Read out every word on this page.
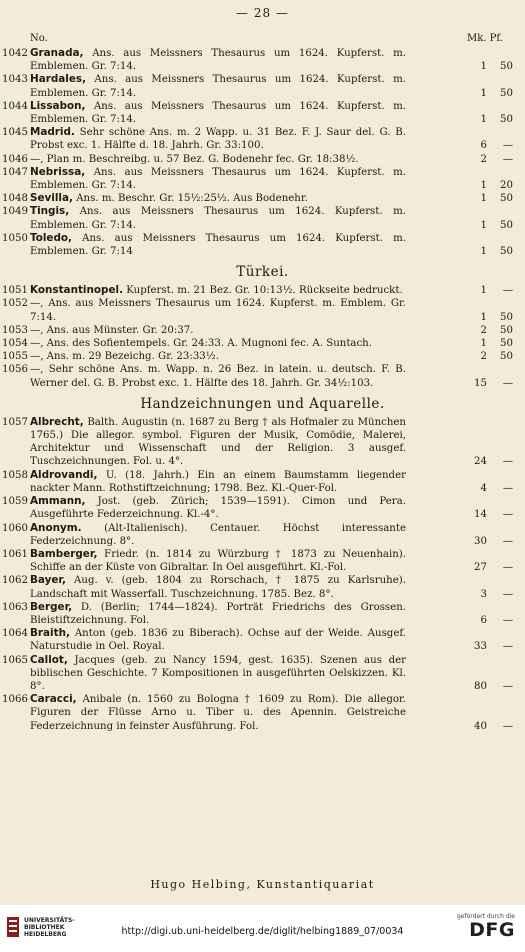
— 28 —
No.	Mk. Pf.
1042 Granada, Ans. aus Meissners Thesaurus um 1624. Kupferst. m. Emblemen. Gr. 7:14.	1	50
1043 Hardales, Ans. aus Meissners Thesaurus um 1624. Kupferst. m. Emblemen. Gr. 7:14.	1	50
1044 Lissabon, Ans. aus Meissners Thesaurus um 1624. Kupferst. m. Emblemen. Gr. 7:14.	1	50
1045 Madrid. Sehr schöne Ans. m. 2 Wapp. u. 31 Bez. F. J. Saur del. G. B. Probst exc. 1. Hälfte d. 18. Jahrh. Gr. 33:100.	6	—
1046 —, Plan m. Beschreibg. u. 57 Bez. G. Bodenehr fec. Gr. 18:38½.	2	—
1047 Nebrissa, Ans. aus Meissners Thesaurus um 1624. Kupferst. m. Emblemen. Gr. 7:14.	1	20
1048 Sevilla, Ans. m. Beschr. Gr. 15½:25½. Aus Bodenehr.	1	50
1049 Tingis, Ans. aus Meissners Thesaurus um 1624. Kupferst. m. Emblemen. Gr. 7:14.	1	50
1050 Toledo, Ans. aus Meissners Thesaurus um 1624. Kupferst. m. Emblemen. Gr. 7:14	1	50
Türkei.
1051 Konstantinopel. Kupferst. m. 21 Bez. Gr. 10:13½. Rückseite bedruckt.	1	—
1052 —, Ans. aus Meissners Thesaurus um 1624. Kupferst. m. Emblem. Gr. 7:14.	1	50
1053 —, Ans. aus Münster. Gr. 20:37.	2	50
1054 —, Ans. des Sofientempels. Gr. 24:33. A. Mugnoni fec. A. Suntach.	1	50
1055 —, Ans. m. 29 Bezeichg. Gr. 23:33½.	2	50
1056 —, Sehr schöne Ans. m. Wapp. n. 26 Bez. in latein. u. deutsch. F. B. Werner del. G. B. Probst exc. 1. Hälfte des 18. Jahrh. Gr. 34½:103.	15	—
Handzeichnungen und Aquarelle.
1057 Albrecht, Balth. Augustin (n. 1687 zu Berg † als Hofmaler zu München 1765.) Die allegor. symbol. Figuren der Musik, Comödie, Malerei, Architektur und Wissenschaft und der Religion. 3 ausgef. Tuschzeichnungen. Fol. u. 4°.	24	—
1058 Aldrovandi, U. (18. Jahrh.) Ein an einem Baumstamm liegender nackter Mann. Rothstiftzeichnung; 1798. Bez. Kl.-Quer-Fol.	4	—
1059 Ammann, Jost. (geb. Zürich; 1539—1591). Cimon und Pera. Ausgeführte Federzeichnung. Kl.-4°.	14	—
1060 Anonym. (Alt-Italienisch). Centauer. Höchst interessante Federzeichnung. 8°.	30	—
1061 Bamberger, Friedr. (n. 1814 zu Würzburg † 1873 zu Neuenhain). Schiffe an der Küste von Gibraltar. In Oel ausgeführt. Kl.-Fol.	27	—
1062 Bayer, Aug. v. (geb. 1804 zu Rorschach, † 1875 zu Karlsruhe). Landschaft mit Wasserfall. Tuschzeichnung. 1785. Bez. 8°.	3	—
1063 Berger, D. (Berlin; 1744—1824). Porträt Friedrichs des Grossen. Bleistiftzeichnung. Fol.	6	—
1064 Braith, Anton (geb. 1836 zu Biberach). Ochse auf der Weide. Ausgef. Naturstudie in Oel. Royal.	33	—
1065 Callot, Jacques (geb. zu Nancy 1594, gest. 1635). Szenen aus der biblischen Geschichte. 7 Kompositionen in ausgeführten Oelskizzen. Kl. 8°.	80	—
1066 Caracci, Anibale (n. 1560 zu Bologna † 1609 zu Rom). Die allegor. Figuren der Flüsse Arno u. Tiber u. des Apennin. Geistreiche Federzeichnung in feinster Ausführung. Fol.	40	—
Hugo Helbing, Kunstantiquariat
UNIVERSITÄTS-BIBLIOTHEK HEIDELBERG	http://digi.ub.uni-heidelberg.de/diglit/helbing1889_07/0034
gefördert durch die
DFG
